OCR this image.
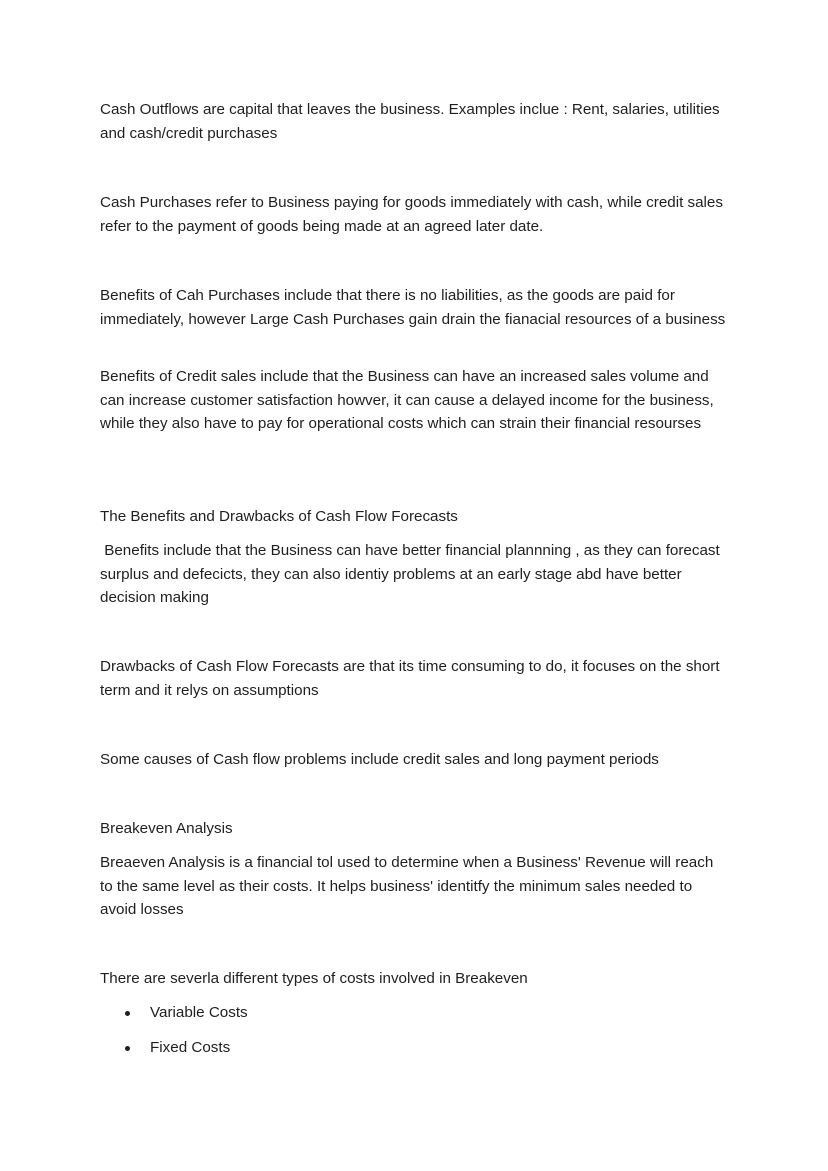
Cash Outflows are capital that leaves the business. Examples inclue : Rent, salaries, utilities and cash/credit purchases

Cash Purchases refer to Business paying for goods immediately with cash, while credit sales refer to the payment of goods being made at an agreed later date.

Benefits of Cah Purchases include that there is no liabilities, as the goods are paid for immediately, however Large Cash Purchases gain drain the fianacial resources of a business

Benefits of Credit sales include that the Business can have an increased sales volume and can increase customer satisfaction howver, it can cause a delayed income for the business, while they also have to pay for operational costs which can strain their financial resourses

The Benefits and Drawbacks of Cash Flow Forecasts

Benefits include that the Business can have better financial plannning , as they can forecast surplus and defecicts, they can also identiy problems at an early stage abd have better decision making

Drawbacks of Cash Flow Forecasts are that its time consuming to do, it focuses on the short term and it relys on assumptions

Some causes of Cash flow problems include credit sales and long payment periods

Breakeven Analysis

Breaeven Analysis is a financial tol used to determine when a Business' Revenue will reach to the same level as their costs. It helps business' identitfy the minimum sales needed to avoid losses

There are severla different types of costs involved in Breakeven

Variable Costs
Fixed Costs
